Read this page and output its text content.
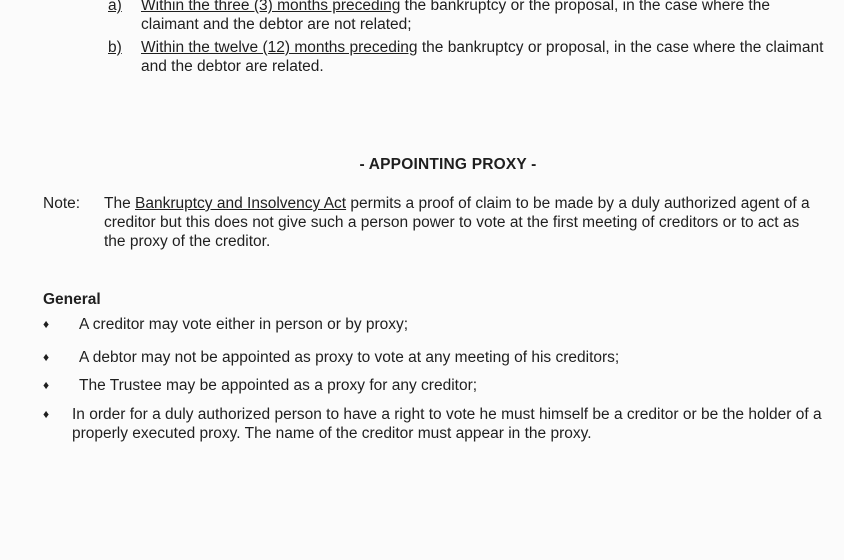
a) Within the three (3) months preceding the bankruptcy or the proposal, in the case where the claimant and the debtor are not related;
b) Within the twelve (12) months preceding the bankruptcy or proposal, in the case where the claimant and the debtor are related.
- APPOINTING PROXY -
Note: The Bankruptcy and Insolvency Act permits a proof of claim to be made by a duly authorized agent of a creditor but this does not give such a person power to vote at the first meeting of creditors or to act as the proxy of the creditor.
General
♦ A creditor may vote either in person or by proxy;
♦ A debtor may not be appointed as proxy to vote at any meeting of his creditors;
♦ The Trustee may be appointed as a proxy for any creditor;
♦ In order for a duly authorized person to have a right to vote he must himself be a creditor or be the holder of a properly executed proxy. The name of the creditor must appear in the proxy.
